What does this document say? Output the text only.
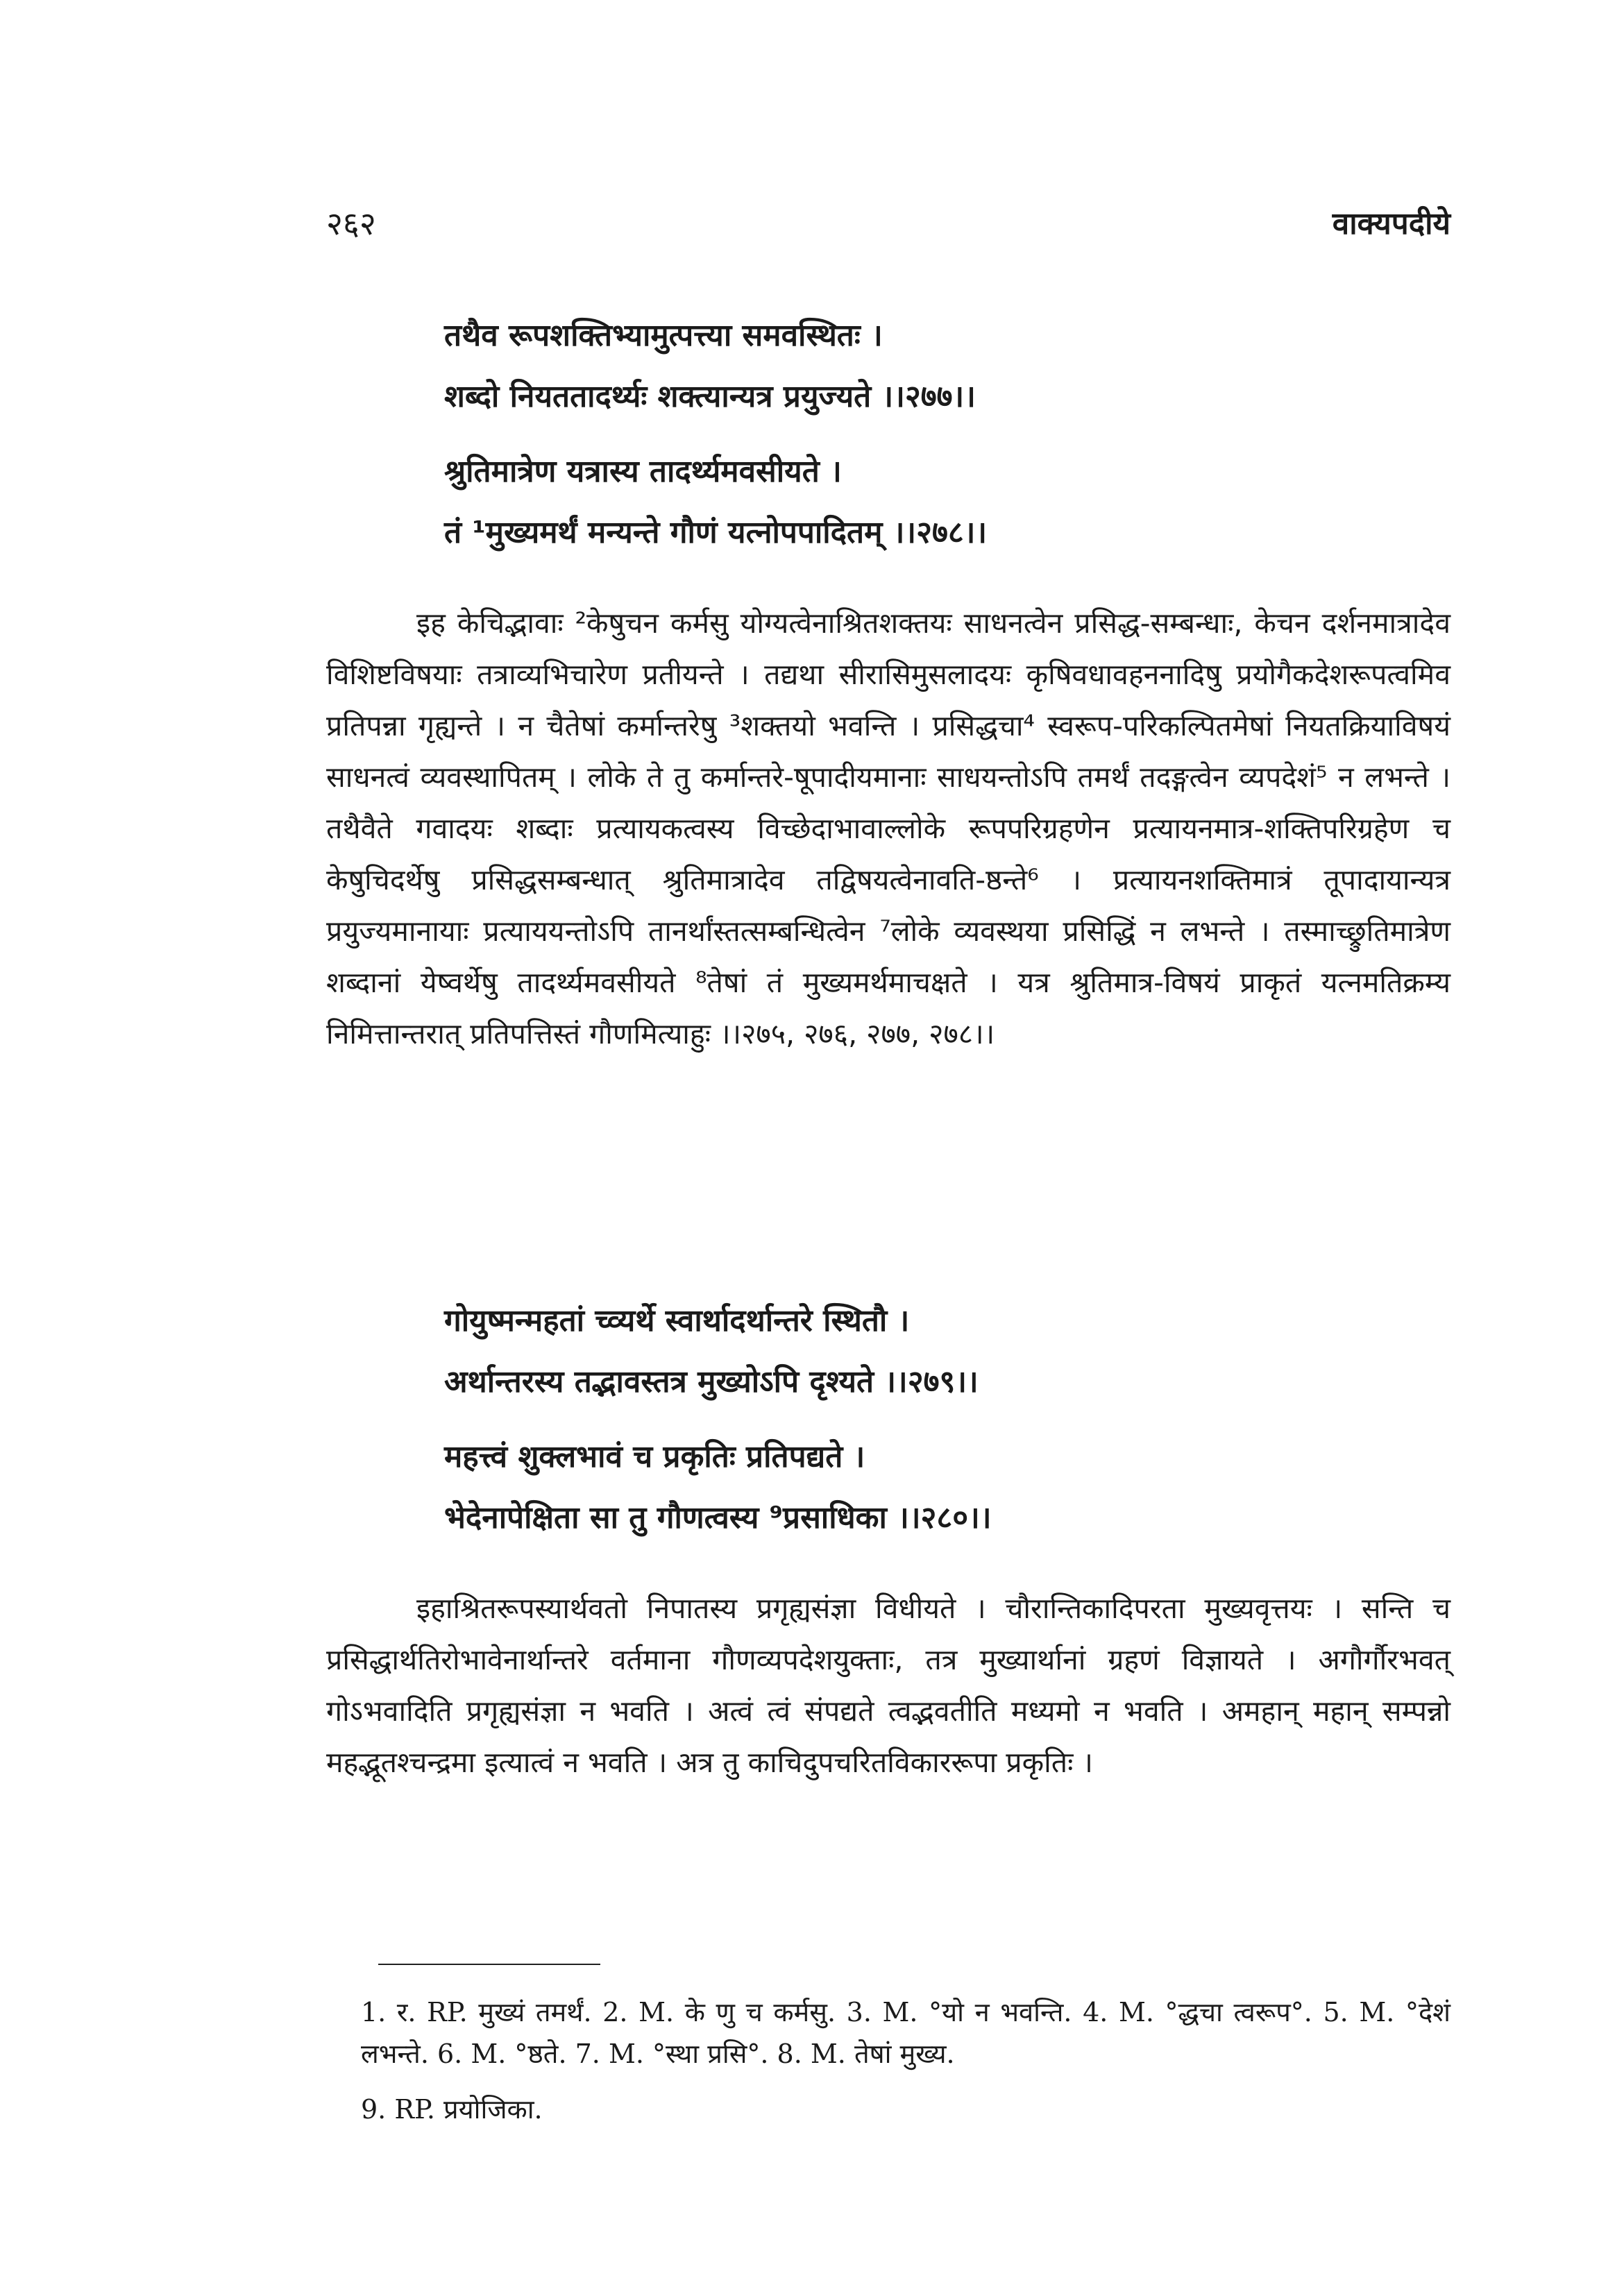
२६२	वाक्यपदीये
तथैव रूपशक्तिभ्यामुत्पत्त्या समवस्थितः ।
शब्दो नियततादर्थ्यः शक्त्यान्यत्र प्रयुज्यते ।।२७७।।
श्रुतिमात्रेण यत्रास्य तादर्थ्यमवसीयते ।
तं ¹मुख्यमर्थं मन्यन्ते गौणं यत्नोपपादितम् ।।२७८।।

इह केचिद्भावाः ²केषुचन कर्मसु योग्यत्वेनाश्रितशक्तयः साधनत्वेन प्रसिद्ध-सम्बन्धाः, केचन दर्शनमात्रादेव विशिष्टविषयाः तत्राव्यभिचारेण प्रतीयन्ते । तद्यथा सीरासिमुसलादयः कृषिवधावहननादिषु प्रयोगैकदेशरूपत्वमिव प्रतिपन्ना गृह्यन्ते । न चैतेषां कर्मान्तरेषु ³शक्तयो भवन्ति । प्रसिद्धचा⁴ स्वरूप-परिकल्पितमेषां नियतक्रियाविषयं साधनत्वं व्यवस्थापितम् । लोके ते तु कर्मान्तरे-षूपादीयमानाः साधयन्तोऽपि तमर्थं तदङ्गत्वेन व्यपदेशं⁵ न लभन्ते । तथैवैते गवादयः शब्दाः प्रत्यायकत्वस्य विच्छेदाभावाल्लोके रूपपरिग्रहणेन प्रत्यायनमात्र-शक्तिपरिग्रहेण च केषुचिदर्थेषु प्रसिद्धसम्बन्धात् श्रुतिमात्रादेव तद्विषयत्वेनावति-ष्ठन्ते⁶ । प्रत्यायनशक्तिमात्रं तूपादायान्यत्र प्रयुज्यमानायाः प्रत्याययन्तोऽपि तानर्थांस्तत्सम्बन्धित्वेन ⁷लोके व्यवस्थया प्रसिद्धिं न लभन्ते । तस्माच्छ्रुतिमात्रेण शब्दानां येष्वर्थेषु तादर्थ्यमवसीयते ⁸तेषां तं मुख्यमर्थमाचक्षते । यत्र श्रुतिमात्र-विषयं प्राकृतं यत्नमतिक्रम्य निमित्तान्तरात् प्रतिपत्तिस्तं गौणमित्याहुः ।।२७५, २७६, २७७, २७८।।

गोयुष्मन्महतां च्व्यर्थे स्वार्थादर्थान्तरे स्थितौ ।
अर्थान्तरस्य तद्भावस्तत्र मुख्योऽपि दृश्यते ।।२७९।।
महत्त्वं शुक्लभावं च प्रकृतिः प्रतिपद्यते ।
भेदेनापेक्षिता सा तु गौणत्वस्य ⁹प्रसाधिका ।।२८०।।

इहाश्रितरूपस्यार्थवतो निपातस्य प्रगृह्यसंज्ञा विधीयते । चौरान्तिकादिपरता मुख्यवृत्तयः । सन्ति च प्रसिद्धार्थतिरोभावेनार्थान्तरे वर्तमाना गौणव्यपदेशयुक्ताः, तत्र मुख्यार्थानां ग्रहणं विज्ञायते । अगौर्गौरभवत् गोऽभवादिति प्रगृह्यसंज्ञा न भवति । अत्वं त्वं संपद्यते त्वद्भवतीति मध्यमो न भवति । अमहान् महान् सम्पन्नो महद्भूतश्चन्द्रमा इत्यात्वं न भवति । अत्र तु काचिदुपचरितविकाररूपा प्रकृतिः ।

1. र. RP. मुख्यं तमर्थं. 2. M. के णु च कर्मसु. 3. M. °यो न भवन्ति. 4. M. °द्धचा त्वरूप°. 5. M. °देशं लभन्ते. 6. M. °ष्ठते. 7. M. °स्था प्रसि°. 8. M. तेषां मुख्य.

9. RP. प्रयोजिका.
